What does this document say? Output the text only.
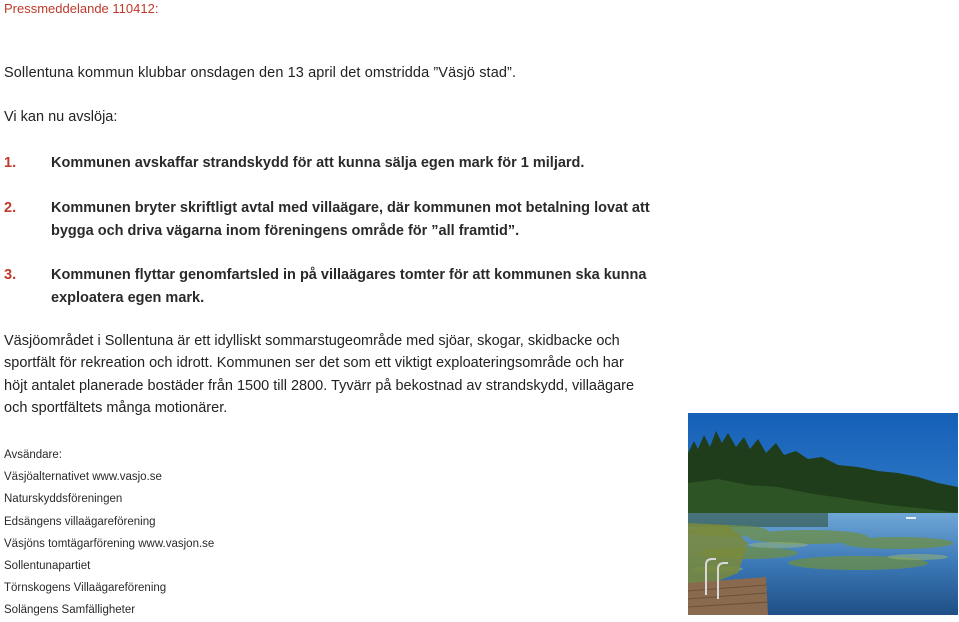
Pressmeddelande 110412:
Sollentuna kommun klubbar onsdagen den 13 april det omstridda ”Väsjö stad”.
Vi kan nu avslöja:
1. Kommunen avskaffar strandskydd för att kunna sälja egen mark för 1 miljard.
2. Kommunen bryter skriftligt avtal med villaägare, där kommunen mot betalning lovat att
bygga och driva vägarna inom föreningens område för ”all framtid”.
3. Kommunen flyttar genomfartsled in på villaägares tomter för att kommunen ska kunna
exploatera egen mark.
Väsjöområdet i Sollentuna är ett idylliskt sommarstugeområde med sjöar, skogar, skidbacke och
sportfält för rekreation och idrott. Kommunen ser det som ett viktigt exploateringsområde och har
höjt antalet planerade bostäder från 1500 till 2800. Tyvärr på bekostnad av strandskydd, villaägare
och sportfältets många motionärer.
Avsändare:
Väsjöalternativet www.vasjo.se
Naturskyddsföreningen
Edsängens villaägareförening
Väsjöns tomtägarförening www.vasjon.se
Sollentunapartiet
Törnskogens Villaägareförening
Solängens Samfälligheter
